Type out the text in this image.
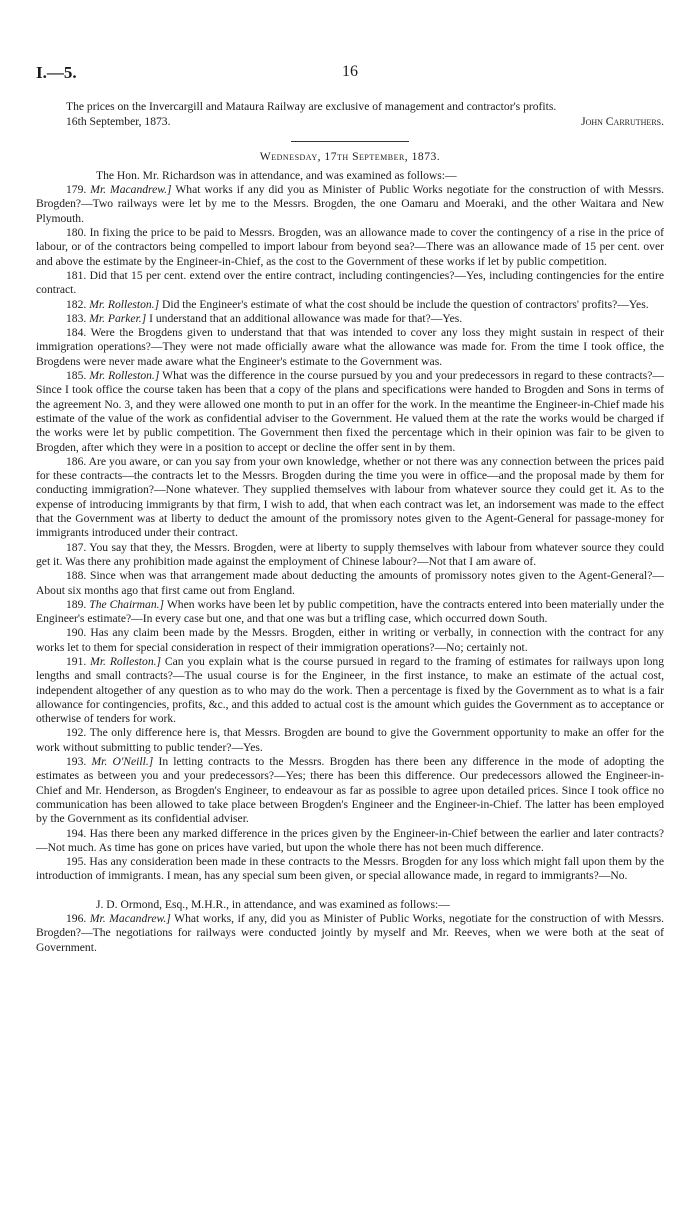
I.—5.	16

The prices on the Invercargill and Mataura Railway are exclusive of management and contractor's profits.

16th September, 1873.	John Carruthers.
Wednesday, 17th September, 1873.

The Hon. Mr. Richardson was in attendance, and was examined as follows:—

179. Mr. Macandrew.] What works if any did you as Minister of Public Works negotiate for the construction of with Messrs. Brogden?—Two railways were let by me to the Messrs. Brogden, the one Oamaru and Moeraki, and the other Waitara and New Plymouth.

180. In fixing the price to be paid to Messrs. Brogden, was an allowance made to cover the contingency of a rise in the price of labour, or of the contractors being compelled to import labour from beyond sea?—There was an allowance made of 15 per cent. over and above the estimate by the Engineer-in-Chief, as the cost to the Government of these works if let by public competition.

181. Did that 15 per cent. extend over the entire contract, including contingencies?—Yes, including contingencies for the entire contract.

182. Mr. Rolleston.] Did the Engineer's estimate of what the cost should be include the question of contractors' profits?—Yes.

183. Mr. Parker.] I understand that an additional allowance was made for that?—Yes.

184. Were the Brogdens given to understand that that was intended to cover any loss they might sustain in respect of their immigration operations?—They were not made officially aware what the allowance was made for. From the time I took office, the Brogdens were never made aware what the Engineer's estimate to the Government was.

185. Mr. Rolleston.] What was the difference in the course pursued by you and your predecessors in regard to these contracts?—Since I took office the course taken has been that a copy of the plans and specifications were handed to Brogden and Sons in terms of the agreement No. 3, and they were allowed one month to put in an offer for the work. In the meantime the Engineer-in-Chief made his estimate of the value of the work as confidential adviser to the Government. He valued them at the rate the works would be charged if the works were let by public competition. The Government then fixed the percentage which in their opinion was fair to be given to Brogden, after which they were in a position to accept or decline the offer sent in by them.

186. Are you aware, or can you say from your own knowledge, whether or not there was any connection between the prices paid for these contracts—the contracts let to the Messrs. Brogden during the time you were in office—and the proposal made by them for conducting immigration?—None whatever. They supplied themselves with labour from whatever source they could get it. As to the expense of introducing immigrants by that firm, I wish to add, that when each contract was let, an indorsement was made to the effect that the Government was at liberty to deduct the amount of the promissory notes given to the Agent-General for passage-money for immigrants introduced under their contract.

187. You say that they, the Messrs. Brogden, were at liberty to supply themselves with labour from whatever source they could get it. Was there any prohibition made against the employment of Chinese labour?—Not that I am aware of.

188. Since when was that arrangement made about deducting the amounts of promissory notes given to the Agent-General?—About six months ago that first came out from England.

189. The Chairman.] When works have been let by public competition, have the contracts entered into been materially under the Engineer's estimate?—In every case but one, and that one was but a trifling case, which occurred down South.

190. Has any claim been made by the Messrs. Brogden, either in writing or verbally, in connection with the contract for any works let to them for special consideration in respect of their immigration operations?—No; certainly not.

191. Mr. Rolleston.] Can you explain what is the course pursued in regard to the framing of estimates for railways upon long lengths and small contracts?—The usual course is for the Engineer, in the first instance, to make an estimate of the actual cost, independent altogether of any question as to who may do the work. Then a percentage is fixed by the Government as to what is a fair allowance for contingencies, profits, &c., and this added to actual cost is the amount which guides the Government as to acceptance or otherwise of tenders for work.

192. The only difference here is, that Messrs. Brogden are bound to give the Government opportunity to make an offer for the work without submitting to public tender?—Yes.

193. Mr. O'Neill.] In letting contracts to the Messrs. Brogden has there been any difference in the mode of adopting the estimates as between you and your predecessors?—Yes; there has been this difference. Our predecessors allowed the Engineer-in-Chief and Mr. Henderson, as Brogden's Engineer, to endeavour as far as possible to agree upon detailed prices. Since I took office no communication has been allowed to take place between Brogden's Engineer and the Engineer-in-Chief. The latter has been employed by the Government as its confidential adviser.

194. Has there been any marked difference in the prices given by the Engineer-in-Chief between the earlier and later contracts?—Not much. As time has gone on prices have varied, but upon the whole there has not been much difference.

195. Has any consideration been made in these contracts to the Messrs. Brogden for any loss which might fall upon them by the introduction of immigrants. I mean, has any special sum been given, or special allowance made, in regard to immigrants?—No.

J. D. Ormond, Esq., M.H.R., in attendance, and was examined as follows:—

196. Mr. Macandrew.] What works, if any, did you as Minister of Public Works, negotiate for the construction of with Messrs. Brogden?—The negotiations for railways were conducted jointly by myself and Mr. Reeves, when we were both at the seat of Government.
